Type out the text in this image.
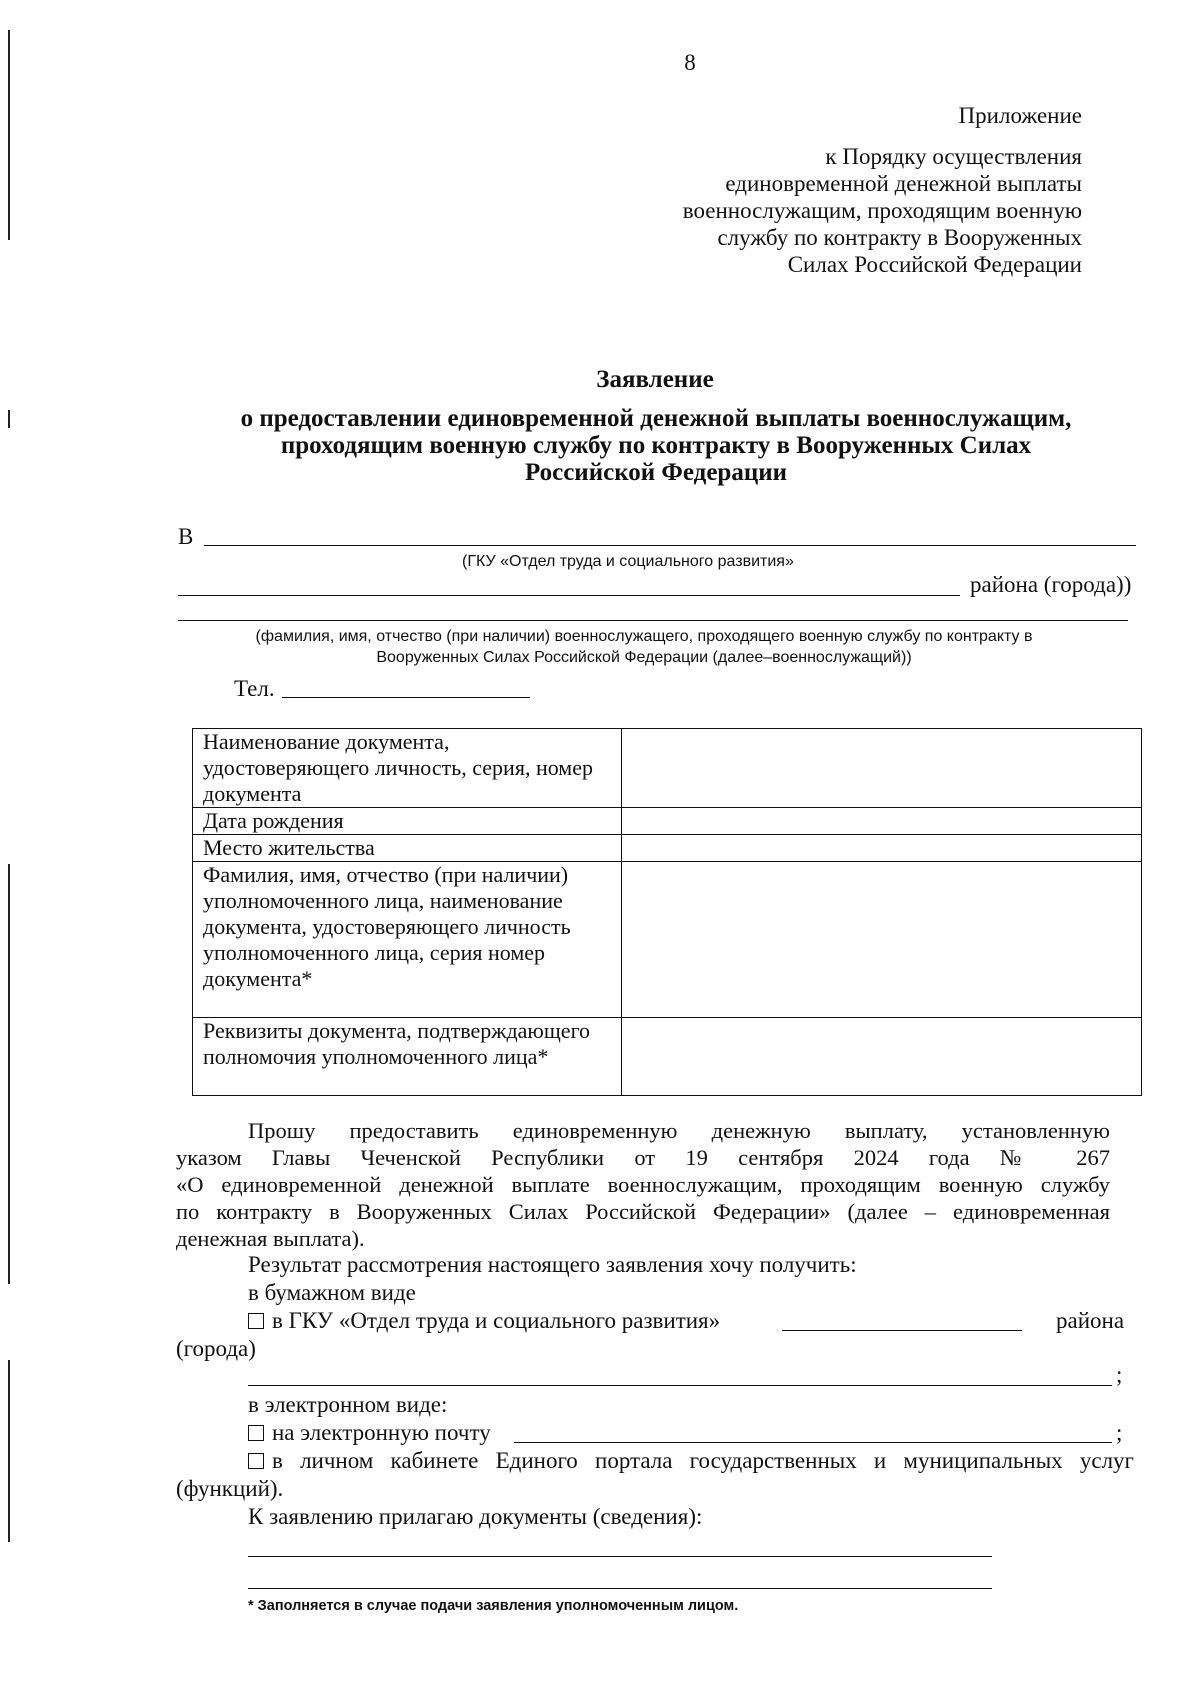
8
Приложение
к Порядку осуществления
единовременной денежной выплаты
военнослужащим, проходящим военную
службу по контракту в Вооруженных
Силах Российской Федерации
Заявление
о предоставлении единовременной денежной выплаты военнослужащим,
проходящим военную службу по контракту в Вооруженных Силах
Российской Федерации
В
(ГКУ «Отдел труда и социального развития»
района (города))
(фамилия, имя, отчество (при наличии) военнослужащего, проходящего военную службу по контракту в
Вооруженных Силах Российской Федерации (далее–военнослужащий))
Тел.
Наименование документа, удостоверяющего личность, серия, номер документа	
Дата рождения	
Место жительства	
Фамилия, имя, отчество (при наличии) уполномоченного лица, наименование документа, удостоверяющего личность уполномоченного лица, серия номер документа*	
Реквизиты документа, подтверждающего полномочия уполномоченного лица*	
Прошу предоставить единовременную денежную выплату, установленную
указом Главы Чеченской Республики от 19 сентября 2024 года № 267
«О единовременной денежной выплате военнослужащим, проходящим военную службу
по контракту в Вооруженных Силах Российской Федерации» (далее – единовременная
денежная выплата).
Результат рассмотрения настоящего заявления хочу получить:
в бумажном виде
в ГКУ «Отдел труда и социального развития»	района
(города)
;
в электронном виде:
на электронную почту	;
в личном кабинете Единого портала государственных и муниципальных услуг
(функций).
К заявлению прилагаю документы (сведения):
* Заполняется в случае подачи заявления уполномоченным лицом.
